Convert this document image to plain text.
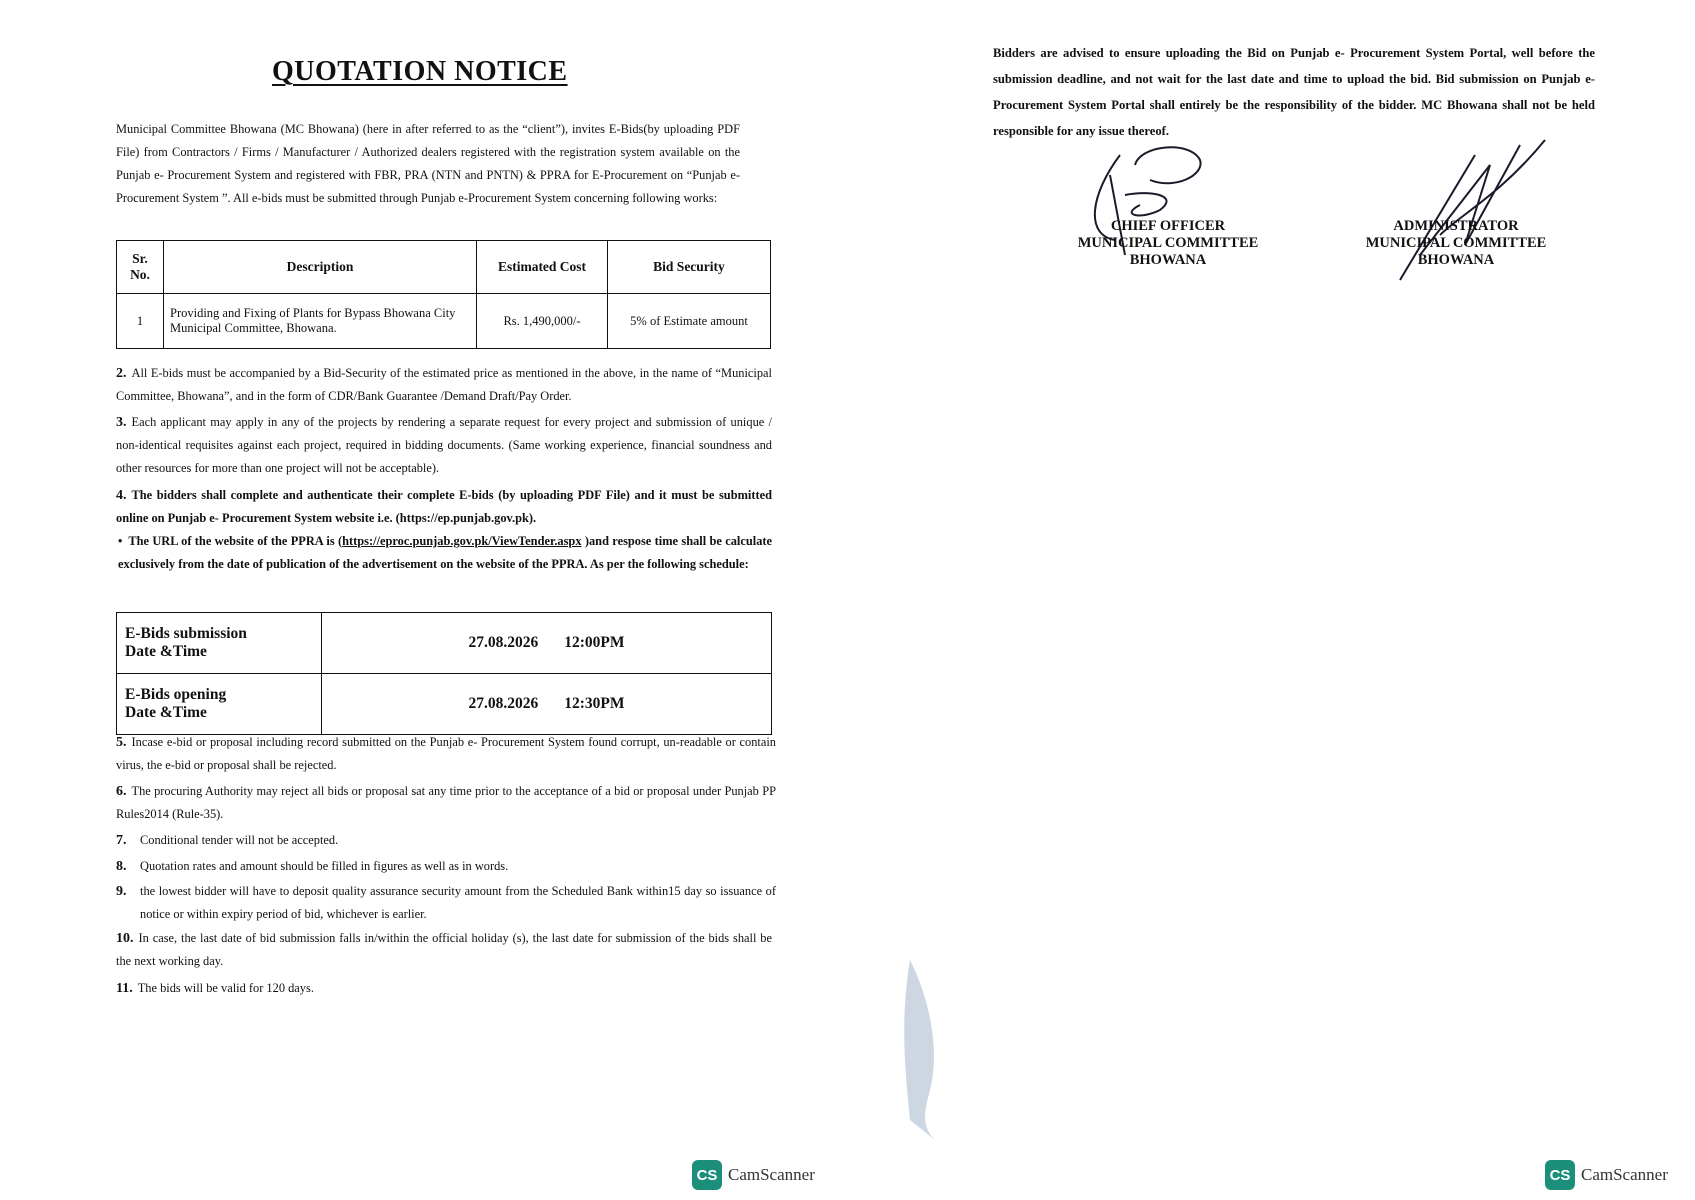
QUOTATION NOTICE
Municipal Committee Bhowana (MC Bhowana) (here in after referred to as the “client”), invites E-Bids(by uploading PDF File) from Contractors / Firms / Manufacturer / Authorized dealers registered with the registration system available on the Punjab e- Procurement System and registered with FBR, PRA (NTN and PNTN) & PPRA for E-Procurement on “Punjab e- Procurement System ”. All e-bids must be submitted through Punjab e-Procurement System concerning following works:
Sr. No.	Description	Estimated Cost	Bid Security
1	Providing and Fixing of Plants for Bypass Bhowana City Municipal Committee, Bhowana.	Rs. 1,490,000/-	5% of Estimate amount
2. All E-bids must be accompanied by a Bid-Security of the estimated price as mentioned in the above, in the name of “Municipal Committee, Bhowana”, and in the form of CDR/Bank Guarantee /Demand Draft/Pay Order.
3. Each applicant may apply in any of the projects by rendering a separate request for every project and submission of unique / non-identical requisites against each project, required in bidding documents. (Same working experience, financial soundness and other resources for more than one project will not be acceptable).
4. The bidders shall complete and authenticate their complete E-bids (by uploading PDF File) and it must be submitted online on Punjab e- Procurement System website i.e. (https://ep.punjab.gov.pk).
• The URL of the website of the PPRA is (https://eproc.punjab.gov.pk/ViewTender.aspx )and respose time shall be calculate exclusively from the date of publication of the advertisement on the website of the PPRA. As per the following schedule:
E-Bids submission
Date &Time	27.08.2026 12:00PM
E-Bids opening
Date &Time	27.08.2026 12:30PM
5. Incase e-bid or proposal including record submitted on the Punjab e- Procurement System found corrupt, un-readable or contain virus, the e-bid or proposal shall be rejected.
6. The procuring Authority may reject all bids or proposal sat any time prior to the acceptance of a bid or proposal under Punjab PP Rules2014 (Rule-35).
7. Conditional tender will not be accepted.
8. Quotation rates and amount should be filled in figures as well as in words.
9.	the lowest bidder will have to deposit quality assurance security amount from the Scheduled Bank within15 day so issuance of notice or within expiry period of bid, whichever is earlier.
10. In case, the last date of bid submission falls in/within the official holiday (s), the last date for submission of the bids shall be the next working day.
11. The bids will be valid for 120 days.
CS CamScanner
Bidders are advised to ensure uploading the Bid on Punjab e- Procurement System Portal, well before the submission deadline, and not wait for the last date and time to upload the bid. Bid submission on Punjab e-Procurement System Portal shall entirely be the responsibility of the bidder. MC Bhowana shall not be held responsible for any issue thereof.
CHIEF OFFICER
MUNICIPAL COMMITTEE
BHOWANA
ADMINISTRATOR
MUNICIPAL COMMITTEE
BHOWANA
CS CamScanner
